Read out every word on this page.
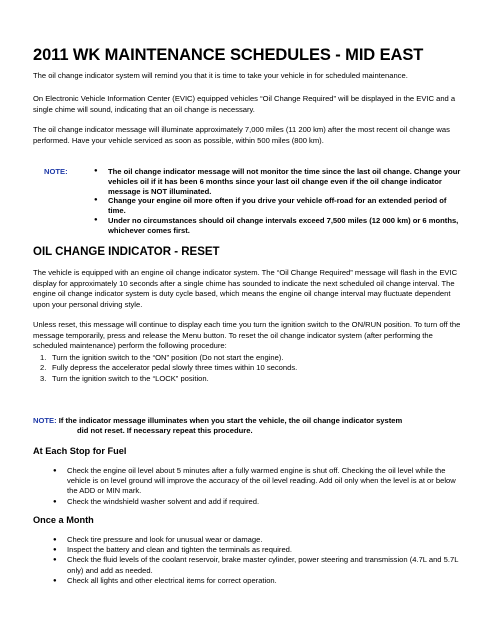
2011 WK MAINTENANCE SCHEDULES - MID EAST

The oil change indicator system will remind you that it is time to take your vehicle in for scheduled maintenance.

On Electronic Vehicle Information Center (EVIC) equipped vehicles “Oil Change Required” will be displayed in the EVIC and a single chime will sound, indicating that an oil change is necessary.

The oil change indicator message will illuminate approximately 7,000 miles (11 200 km) after the most recent oil change was performed. Have your vehicle serviced as soon as possible, within 500 miles (800 km).

NOTE:
●	The oil change indicator message will not monitor the time since the last oil change. Change your vehicles oil if it has been 6 months since your last oil change even if the oil change indicator message is NOT illuminated.
● Change your engine oil more often if you drive your vehicle off-road for an extended period of time.
● Under no circumstances should oil change intervals exceed 7,500 miles (12 000 km) or 6 months, whichever comes first.
OIL CHANGE INDICATOR - RESET

The vehicle is equipped with an engine oil change indicator system. The “Oil Change Required” message will flash in the EVIC display for approximately 10 seconds after a single chime has sounded to indicate the next scheduled oil change interval. The engine oil change indicator system is duty cycle based, which means the engine oil change interval may fluctuate dependent upon your personal driving style.

Unless reset, this message will continue to display each time you turn the ignition switch to the ON/RUN position. To turn off the message temporarily, press and release the Menu button. To reset the oil change indicator system (after performing the scheduled maintenance) perform the following procedure:

1. Turn the ignition switch to the “ON” position (Do not start the engine).
2. Fully depress the accelerator pedal slowly three times within 10 seconds.
3. Turn the ignition switch to the “LOCK” position.
NOTE: If the indicator message illuminates when you start the vehicle, the oil change indicator system
did not reset. If necessary repeat this procedure.
At Each Stop for Fuel
● Check the engine oil level about 5 minutes after a fully warmed engine is shut off. Checking the oil level while the vehicle is on level ground will improve the accuracy of the oil level reading. Add oil only when the level is at or below the ADD or MIN mark.
● Check the windshield washer solvent and add if required.
Once a Month
● Check tire pressure and look for unusual wear or damage.
● Inspect the battery and clean and tighten the terminals as required.
● Check the fluid levels of the coolant reservoir, brake master cylinder, power steering and transmission (4.7L and 5.7L only) and add as needed.
● Check all lights and other electrical items for correct operation.
